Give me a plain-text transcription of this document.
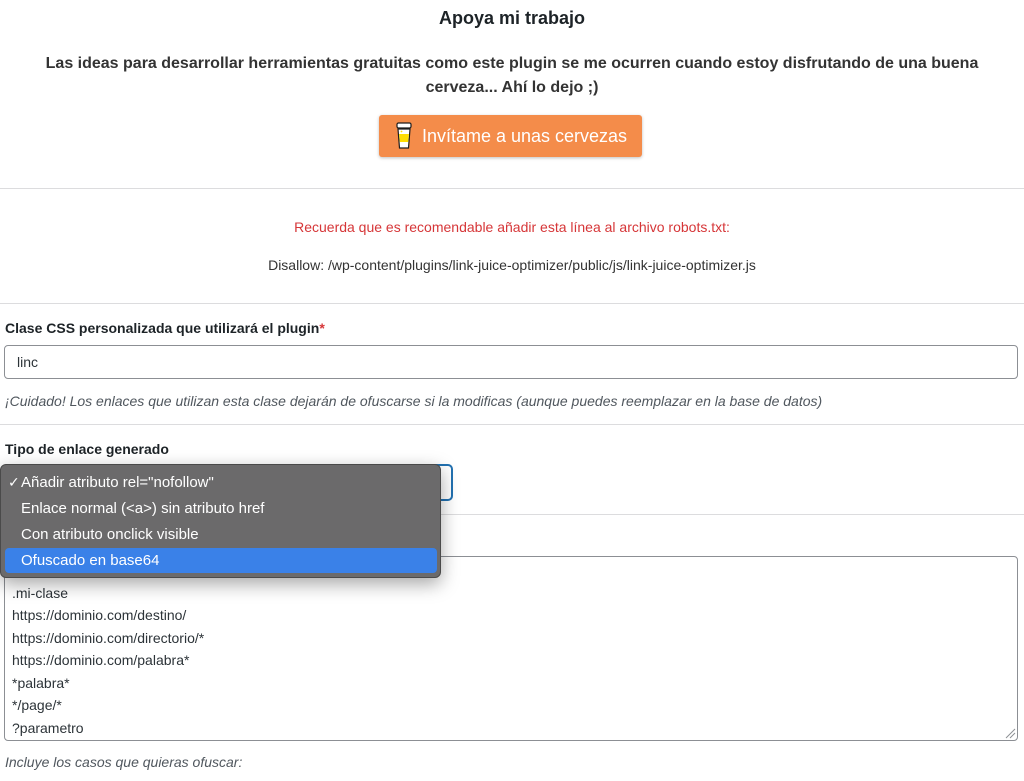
Apoya mi trabajo
Las ideas para desarrollar herramientas gratuitas como este plugin se me ocurren cuando estoy disfrutando de una buena cerveza... Ahí lo dejo ;)
Invítame a unas cervezas
Recuerda que es recomendable añadir esta línea al archivo robots.txt:
Disallow: /wp-content/plugins/link-juice-optimizer/public/js/link-juice-optimizer.js
Clase CSS personalizada que utilizará el plugin*
linc
¡Cuidado! Los enlaces que utilizan esta clase dejarán de ofuscarse si la modificas (aunque puedes reemplazar en la base de datos)
Tipo de enlace generado
.mi-clase https://dominio.com/destino/ https://dominio.com/directorio/* https://dominio.com/palabra* *palabra* */page/* ?parametro
Incluye los casos que quieras ofuscar:
✓ Añadir atributo rel="nofollow"
Enlace normal (<a>) sin atributo href
Con atributo onclick visible
Ofuscado en base64
